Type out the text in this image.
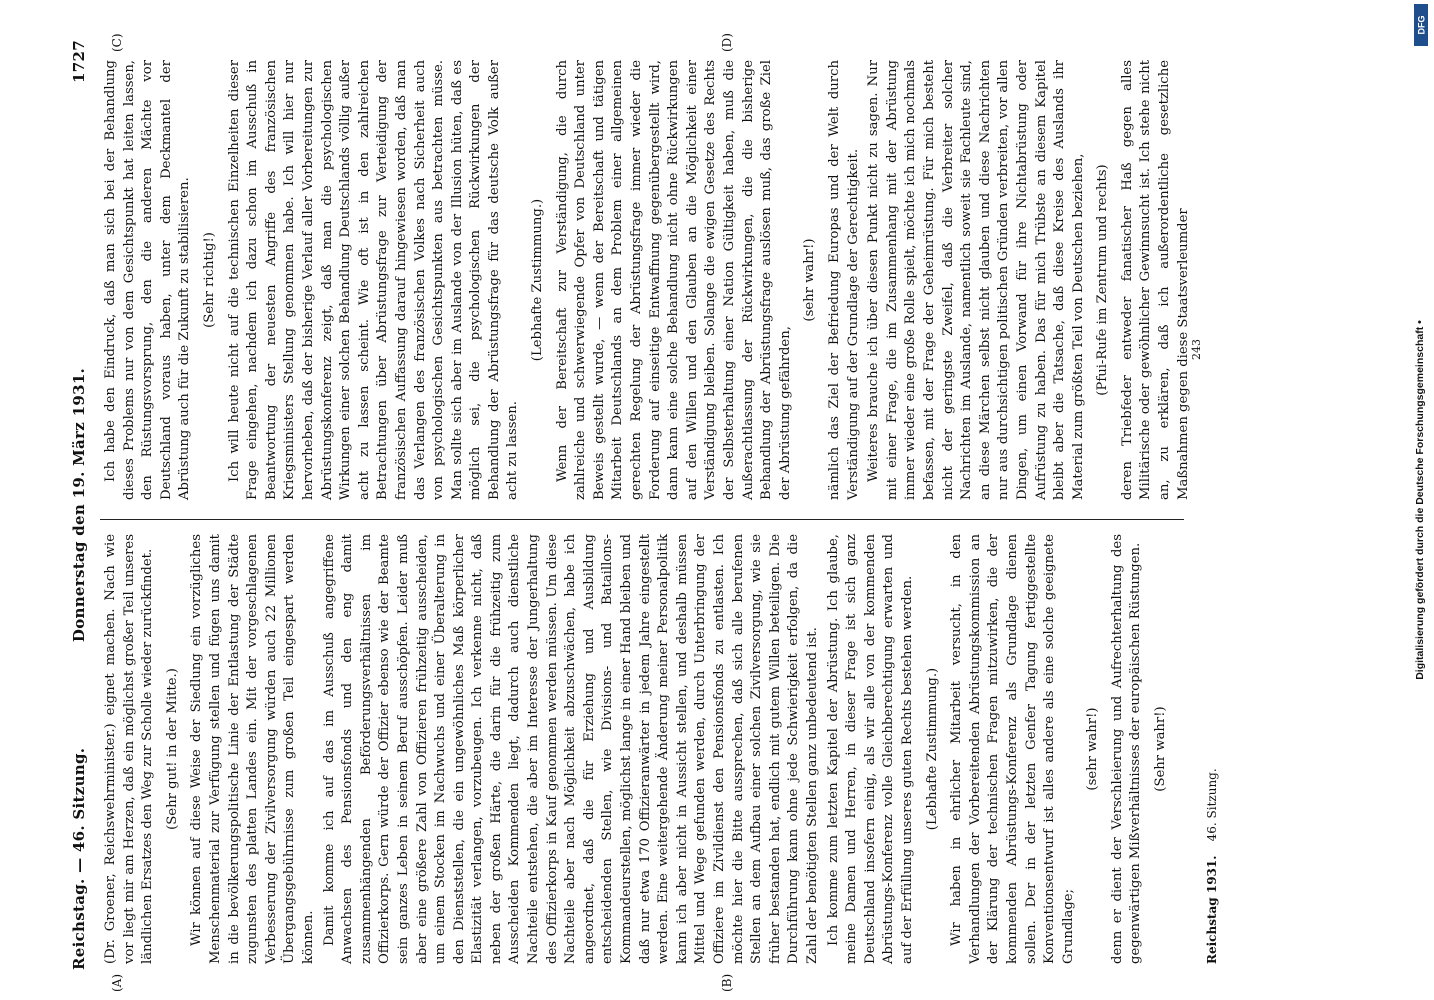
Reichstag. — 46. Sitzung.
Donnerstag den 19. März 1931.
1727
(A)	(B)
(C)	(D)

(Dr. Groener, Reichswehrminister.) eignet machen. Nach wie vor liegt mir am Herzen, daß ein möglichst großer Teil unseres ländlichen Ersatzes den Weg zur Scholle wieder zurückfindet. (Sehr gut! in der Mitte.) Wir können auf diese Weise der Siedlung ein vorzügliches Menschenmaterial zur Verfügung stellen und fügen uns damit in die bevölkerungspolitische Linie der Entlastung der Städte zugunsten des platten Landes ein. Mit der vorgeschlagenen Verbesserung der Zivilversorgung würden auch 22 Millionen Übergangsgebührnisse zum großen Teil eingespart werden können. Damit komme ich auf das im Ausschuß angegriffene Anwachsen des Pensionsfonds und den eng damit zusammenhängenden Beförderungsverhältnissen im Offizierkorps. Gern würde der Offizier ebenso wie der Beamte sein ganzes Leben in seinem Beruf ausschöpfen. Leider muß aber eine größere Zahl von Offizieren frühzeitig ausscheiden, um einem Stocken im Nachwuchs und einer Überalterung in den Dienststellen, die ein ungewöhnliches Maß körperlicher Elastizität verlangen, vorzubeugen. Ich verkenne nicht, daß neben der großen Härte, die darin für die frühzeitig zum Ausscheiden Kommenden liegt, dadurch auch dienstliche Nachteile entstehen, die aber im Interesse der Jungerhaltung des Offizierkorps in Kauf genommen werden müssen. Um diese Nachteile aber nach Möglichkeit abzuschwächen, habe ich angeordnet, daß die für Erziehung und Ausbildung entscheidenden Stellen, wie Divisions- und Bataillons-Kommandeurstellen, möglichst lange in einer Hand bleiben und daß nur etwa 170 Offizieranwärter in jedem Jahre eingestellt werden. Eine weitergehende Änderung meiner Personalpolitik kann ich aber nicht in Aussicht stellen, und deshalb müssen Mittel und Wege gefunden werden, durch Unterbringung der Offiziere im Zivildienst den Pensionsfonds zu entlasten. Ich möchte hier die Bitte aussprechen, daß sich alle berufenen Stellen an dem Aufbau einer solchen Zivilversorgung, wie sie früher bestanden hat, endlich mit gutem Willen beteiligen. Die Durchführung kann ohne jede Schwierigkeit erfolgen, da die Zahl der benötigten Stellen ganz unbedeutend ist. Ich komme zum letzten Kapitel der Abrüstung. Ich glaube, meine Damen und Herren, in dieser Frage ist sich ganz Deutschland insofern einig, als wir alle von der kommenden Abrüstungs-Konferenz volle Gleichberechtigung erwarten und auf der Erfüllung unseres guten Rechts bestehen werden. (Lebhafte Zustimmung.) Wir haben in ehrlicher Mitarbeit versucht, in den Verhandlungen der Vorbereitenden Abrüstungskommission an der Klärung der technischen Fragen mitzuwirken, die der kommenden Abrüstungs-Konferenz als Grundlage dienen sollen. Der in der letzten Genfer Tagung fertiggestellte Konventionsentwurf ist alles andere als eine solche geeignete Grundlage;

(sehr wahr!) denn er dient der Verschleierung und Aufrechterhaltung des gegenwärtigen Mißverhältnisses der europäischen Rüstungen. (Sehr wahr!)

Ich habe den Eindruck, daß man sich bei der Behandlung dieses Problems nur von dem Gesichtspunkt hat leiten lassen, den Rüstungsvorsprung, den die anderen Mächte vor Deutschland voraus haben, unter dem Deckmantel der Abrüstung auch für die Zukunft zu stabilisieren. (Sehr richtig!) Ich will heute nicht auf die technischen Einzelheiten dieser Frage eingehen, nachdem ich dazu schon im Ausschuß in Beantwortung der neuesten Angriffe des französischen Kriegsministers Stellung genommen habe. Ich will hier nur hervorheben, daß der bisherige Verlauf aller Vorbereitungen zur Abrüstungskonferenz zeigt, daß man die psychologischen Wirkungen einer solchen Behandlung Deutschlands völlig außer acht zu lassen scheint. Wie oft ist in den zahlreichen Betrachtungen über Abrüstungsfrage zur Verteidigung der französischen Auffassung darauf hingewiesen worden, daß man das Verlangen des französischen Volkes nach Sicherheit auch von psychologischen Gesichtspunkten aus betrachten müsse. Man sollte sich aber im Auslande von der Illusion hüten, daß es möglich sei, die psychologischen Rückwirkungen der Behandlung der Abrüstungsfrage für das deutsche Volk außer acht zu lassen.

(Lebhafte Zustimmung.) Wenn der Bereitschaft zur Verständigung, die durch zahlreiche und schwerwiegende Opfer von Deutschland unter Beweis gestellt wurde, — wenn der Bereitschaft und tätigen Mitarbeit Deutschlands an dem Problem einer allgemeinen gerechten Regelung der Abrüstungsfrage immer wieder die Forderung auf einseitige Entwaffnung gegenübergestellt wird, dann kann eine solche Behandlung nicht ohne Rückwirkungen auf den Willen und den Glauben an die Möglichkeit einer Verständigung bleiben. Solange die ewigen Gesetze des Rechts der Selbsterhaltung einer Nation Gültigkeit haben, muß die Außerachtlassung der Rückwirkungen, die die bisherige Behandlung der Abrüstungsfrage auslösen muß, das große Ziel der Abrüstung gefährden,

(sehr wahr!) nämlich das Ziel der Befriedung Europas und der Welt durch Verständigung auf der Grundlage der Gerechtigkeit. Weiteres brauche ich über diesen Punkt nicht zu sagen. Nur mit einer Frage, die im Zusammenhang mit der Abrüstung immer wieder eine große Rolle spielt, möchte ich mich nochmals befassen, mit der Frage der Geheimrüstung. Für mich besteht nicht der geringste Zweifel, daß die Verbreiter solcher Nachrichten im Auslande, namentlich soweit sie Fachleute sind, an diese Märchen selbst nicht glauben und diese Nachrichten nur aus durchsichtigen politischen Gründen verbreiten, vor allen Dingen, um einen Vorwand für ihre Nichtabrüstung oder Aufrüstung zu haben. Das für mich Trübste an diesem Kapitel bleibt aber die Tatsache, daß diese Kreise des Auslands ihr Material zum größten Teil von Deutschen beziehen, (Pfui-Rufe im Zentrum und rechts) deren Triebfeder entweder fanatischer Haß gegen alles Militärische oder gewöhnlicher Gewinnsucht ist. Ich stehe nicht an, zu erklären, daß ich außerordentliche gesetzliche Maßnahmen gegen diese Staatsverleumder

Reichstag 1931. 46. Sitzung.
243	Digitalisierung gefördert durch die Deutsche Forschungsgemeinschaft •
DFG
